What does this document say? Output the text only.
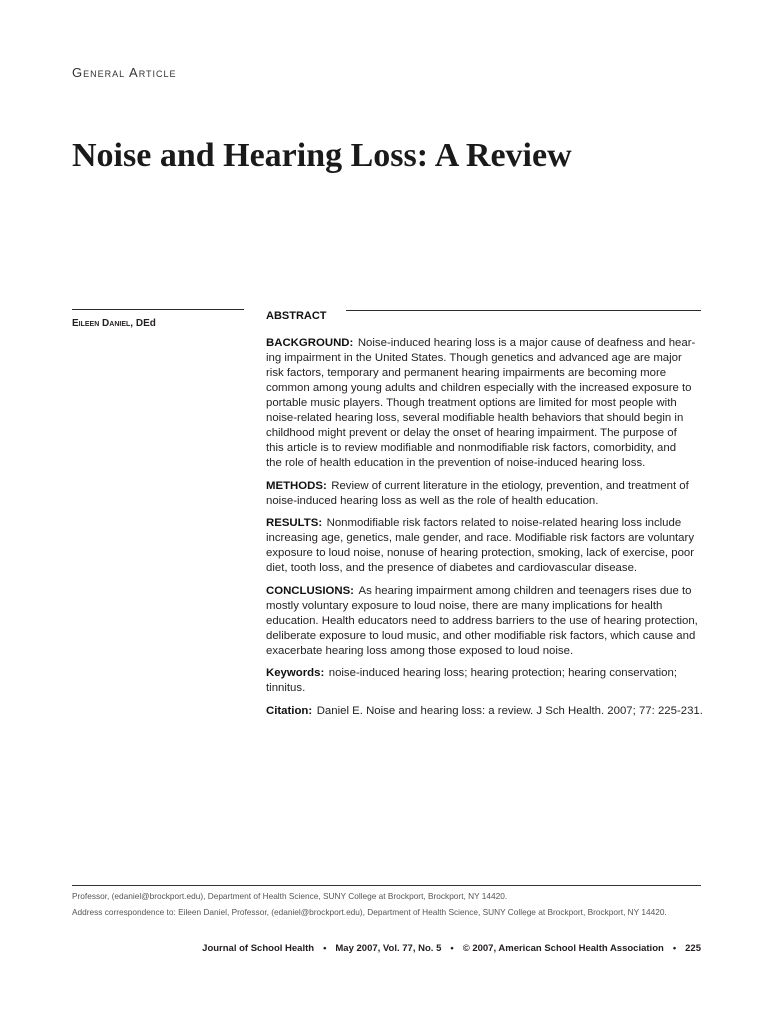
General Article
Noise and Hearing Loss: A Review
Eileen Daniel, DEd
ABSTRACT
BACKGROUND: Noise-induced hearing loss is a major cause of deafness and hear-
ing impairment in the United States. Though genetics and advanced age are major
risk factors, temporary and permanent hearing impairments are becoming more
common among young adults and children especially with the increased exposure to
portable music players. Though treatment options are limited for most people with
noise-related hearing loss, several modifiable health behaviors that should begin in
childhood might prevent or delay the onset of hearing impairment. The purpose of
this article is to review modifiable and nonmodifiable risk factors, comorbidity, and
the role of health education in the prevention of noise-induced hearing loss.
METHODS: Review of current literature in the etiology, prevention, and treatment of
noise-induced hearing loss as well as the role of health education.
RESULTS: Nonmodifiable risk factors related to noise-related hearing loss include
increasing age, genetics, male gender, and race. Modifiable risk factors are voluntary
exposure to loud noise, nonuse of hearing protection, smoking, lack of exercise, poor
diet, tooth loss, and the presence of diabetes and cardiovascular disease.
CONCLUSIONS: As hearing impairment among children and teenagers rises due to
mostly voluntary exposure to loud noise, there are many implications for health
education. Health educators need to address barriers to the use of hearing protection,
deliberate exposure to loud music, and other modifiable risk factors, which cause and
exacerbate hearing loss among those exposed to loud noise.
Keywords: noise-induced hearing loss; hearing protection; hearing conservation;
tinnitus.
Citation: Daniel E. Noise and hearing loss: a review. J Sch Health. 2007; 77: 225-231.
Professor, (edaniel@brockport.edu), Department of Health Science, SUNY College at Brockport, Brockport, NY 14420.
Address correspondence to: Eileen Daniel, Professor, (edaniel@brockport.edu), Department of Health Science, SUNY College at Brockport, Brockport, NY 14420.
Journal of School Health • May 2007, Vol. 77, No. 5 • © 2007, American School Health Association • 225
